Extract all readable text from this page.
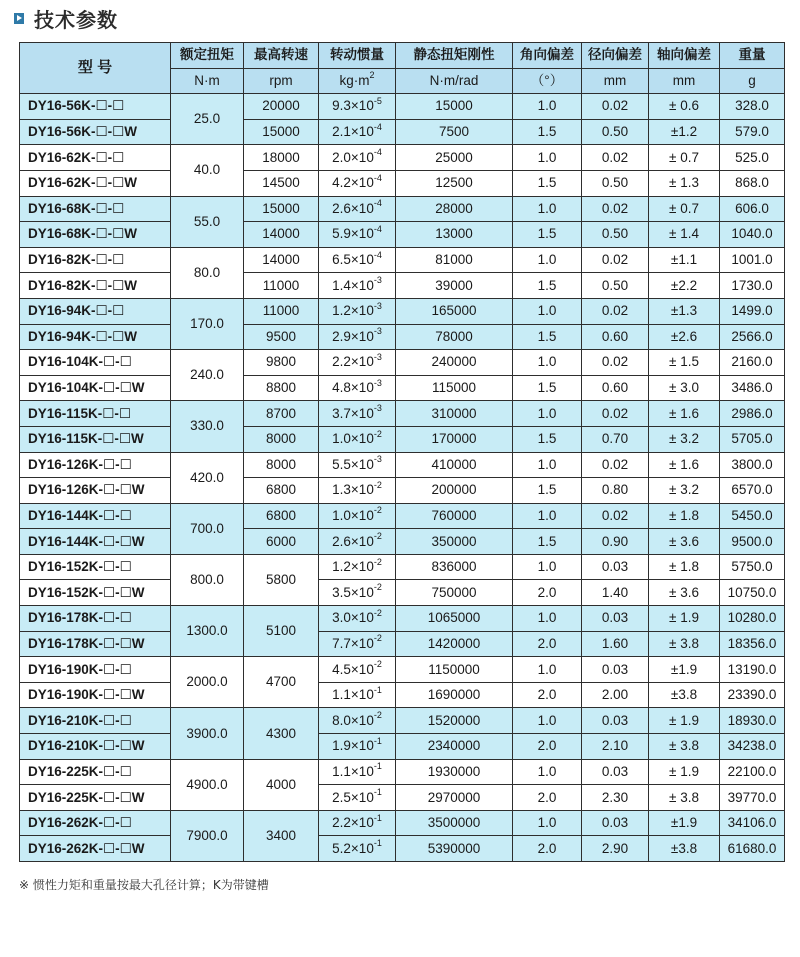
技术参数
型 号	额定扭矩	最高转速	转动惯量	静态扭矩刚性	角向偏差	径向偏差	轴向偏差	重量
	N·m	rpm	$kg\cdot m^2$	N·m/rad	（°）	mm	mm	g
DY16-56K-☐-☐	25.0	20000	$9.3\times 10^{-5}$	15000	1.0	0.02	± 0.6	328.0
DY16-56K-☐-☐W		15000	$2.1\times 10^{-4}$	7500	1.5	0.50	±1.2	579.0
DY16-62K-☐-☐	40.0	18000	$2.0\times 10^{-4}$	25000	1.0	0.02	± 0.7	525.0
DY16-62K-☐-☐W		14500	$4.2\times 10^{-4}$	12500	1.5	0.50	± 1.3	868.0
DY16-68K-☐-☐	55.0	15000	$2.6\times 10^{-4}$	28000	1.0	0.02	± 0.7	606.0
DY16-68K-☐-☐W		14000	$5.9\times 10^{-4}$	13000	1.5	0.50	± 1.4	1040.0
DY16-82K-☐-☐	80.0	14000	$6.5\times 10^{-4}$	81000	1.0	0.02	±1.1	1001.0
DY16-82K-☐-☐W		11000	$1.4\times 10^{-3}$	39000	1.5	0.50	±2.2	1730.0
DY16-94K-☐-☐	170.0	11000	$1.2\times 10^{-3}$	165000	1.0	0.02	±1.3	1499.0
DY16-94K-☐-☐W		9500	$2.9\times 10^{-3}$	78000	1.5	0.60	±2.6	2566.0
DY16-104K-☐-☐	240.0	9800	$2.2\times 10^{-3}$	240000	1.0	0.02	± 1.5	2160.0
DY16-104K-☐-☐W		8800	$4.8\times 10^{-3}$	115000	1.5	0.60	± 3.0	3486.0
DY16-115K-☐-☐	330.0	8700	$3.7\times 10^{-3}$	310000	1.0	0.02	± 1.6	2986.0
DY16-115K-☐-☐W		8000	$1.0\times 10^{-2}$	170000	1.5	0.70	± 3.2	5705.0
DY16-126K-☐-☐	420.0	8000	$5.5\times 10^{-3}$	410000	1.0	0.02	± 1.6	3800.0
DY16-126K-☐-☐W		6800	$1.3\times 10^{-2}$	200000	1.5	0.80	± 3.2	6570.0
DY16-144K-☐-☐	700.0	6800	$1.0\times 10^{-2}$	760000	1.0	0.02	± 1.8	5450.0
DY16-144K-☐-☐W		6000	$2.6\times 10^{-2}$	350000	1.5	0.90	± 3.6	9500.0
DY16-152K-☐-☐	800.0	5800	$1.2\times 10^{-2}$	836000	1.0	0.03	± 1.8	5750.0
DY16-152K-☐-☐W			$3.5\times 10^{-2}$	750000	2.0	1.40	± 3.6	10750.0
DY16-178K-☐-☐	1300.0	5100	$3.0\times 10^{-2}$	1065000	1.0	0.03	± 1.9	10280.0
DY16-178K-☐-☐W			$7.7\times 10^{-2}$	1420000	2.0	1.60	± 3.8	18356.0
DY16-190K-☐-☐	2000.0	4700	$4.5\times 10^{-2}$	1150000	1.0	0.03	±1.9	13190.0
DY16-190K-☐-☐W			$1.1\times 10^{-1}$	1690000	2.0	2.00	±3.8	23390.0
DY16-210K-☐-☐	3900.0	4300	$8.0\times 10^{-2}$	1520000	1.0	0.03	± 1.9	18930.0
DY16-210K-☐-☐W			$1.9\times 10^{-1}$	2340000	2.0	2.10	± 3.8	34238.0
DY16-225K-☐-☐	4900.0	4000	$1.1\times 10^{-1}$	1930000	1.0	0.03	± 1.9	22100.0
DY16-225K-☐-☐W			$2.5\times 10^{-1}$	2970000	2.0	2.30	± 3.8	39770.0
DY16-262K-☐-☐	7900.0	3400	$2.2\times 10^{-1}$	3500000	1.0	0.03	±1.9	34106.0
DY16-262K-☐-☐W			$5.2\times 10^{-1}$	5390000	2.0	2.90	±3.8	61680.0
※ 惯性力矩和重量按最大孔径计算；K为带键槽
